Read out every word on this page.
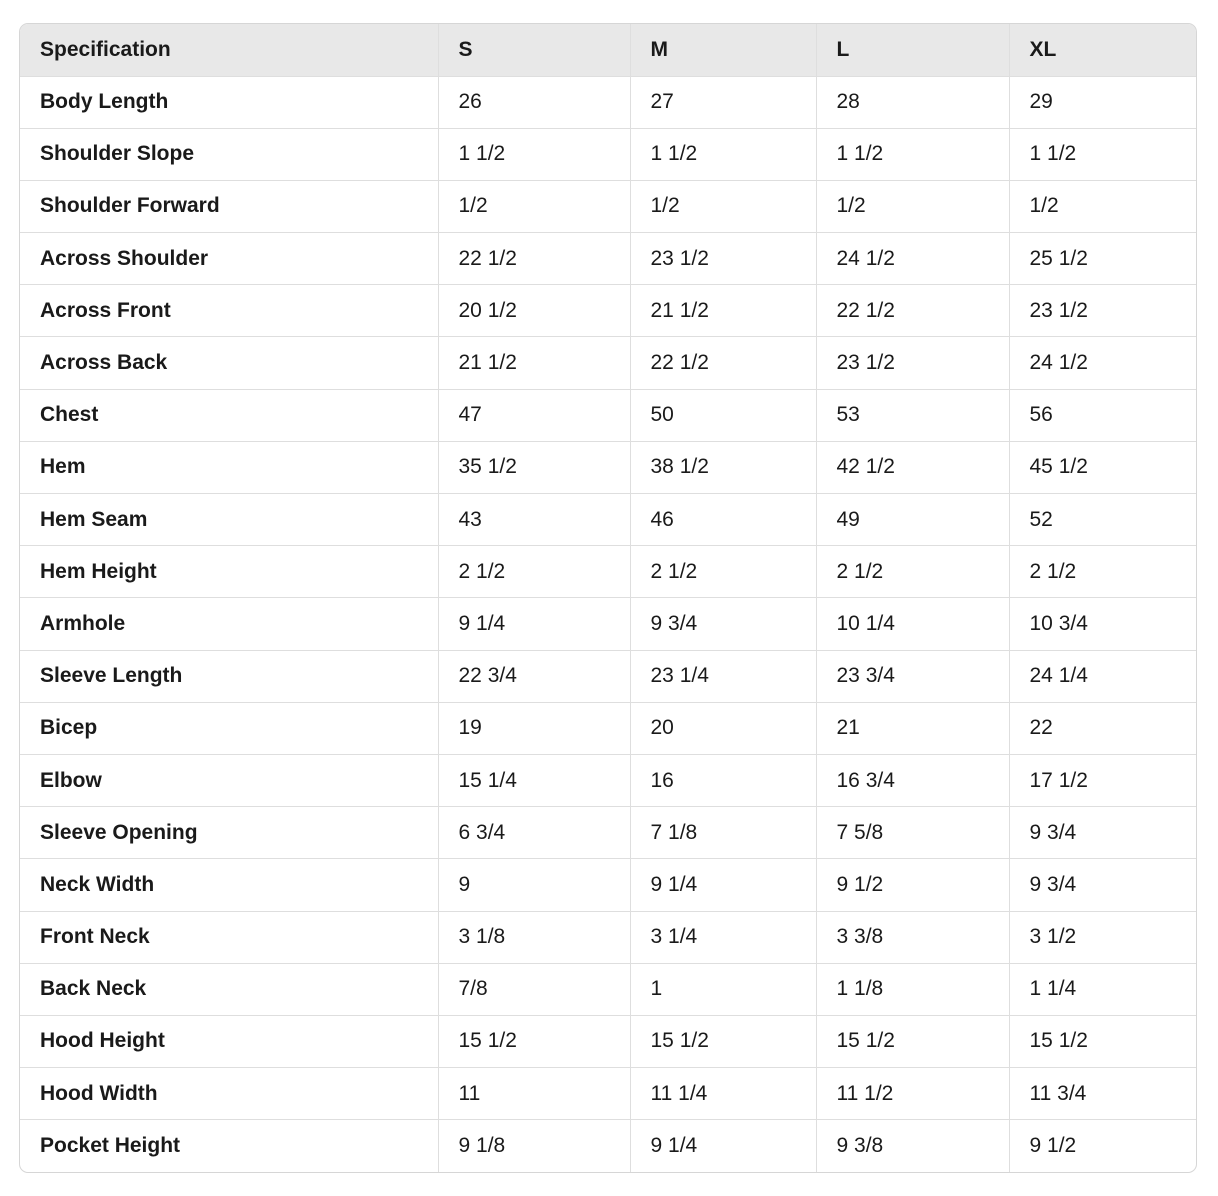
Specification	S	M	L	XL
Body Length	26	27	28	29
Shoulder Slope	1 1/2	1 1/2	1 1/2	1 1/2
Shoulder Forward	1/2	1/2	1/2	1/2
Across Shoulder	22 1/2	23 1/2	24 1/2	25 1/2
Across Front	20 1/2	21 1/2	22 1/2	23 1/2
Across Back	21 1/2	22 1/2	23 1/2	24 1/2
Chest	47	50	53	56
Hem	35 1/2	38 1/2	42 1/2	45 1/2
Hem Seam	43	46	49	52
Hem Height	2 1/2	2 1/2	2 1/2	2 1/2
Armhole	9 1/4	9 3/4	10 1/4	10 3/4
Sleeve Length	22 3/4	23 1/4	23 3/4	24 1/4
Bicep	19	20	21	22
Elbow	15 1/4	16	16 3/4	17 1/2
Sleeve Opening	6 3/4	7 1/8	7 5/8	9 3/4
Neck Width	9	9 1/4	9 1/2	9 3/4
Front Neck	3 1/8	3 1/4	3 3/8	3 1/2
Back Neck	7/8	1	1 1/8	1 1/4
Hood Height	15 1/2	15 1/2	15 1/2	15 1/2
Hood Width	11	11 1/4	11 1/2	11 3/4
Pocket Height	9 1/8	9 1/4	9 3/8	9 1/2
